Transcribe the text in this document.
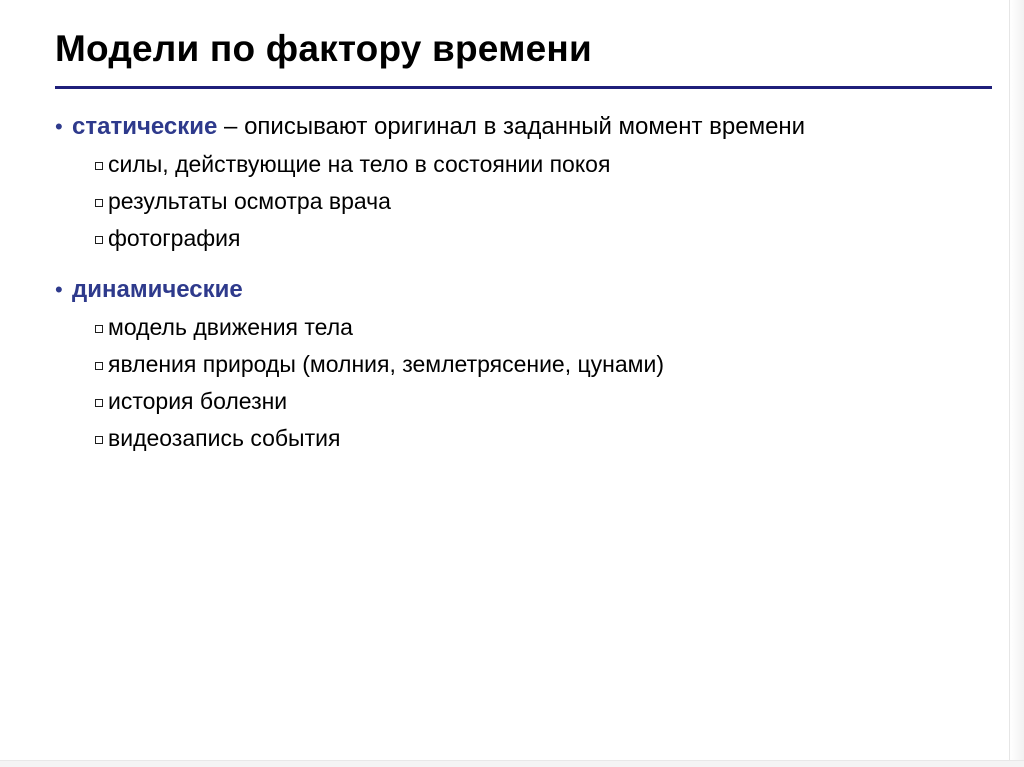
Модели по фактору времени
• статические – описывают оригинал в заданный момент времени
силы, действующие на тело в состоянии покоя
результаты осмотра врача
фотография
• динамические
модель движения тела
явления природы (молния, землетрясение, цунами)
история болезни
видеозапись события
